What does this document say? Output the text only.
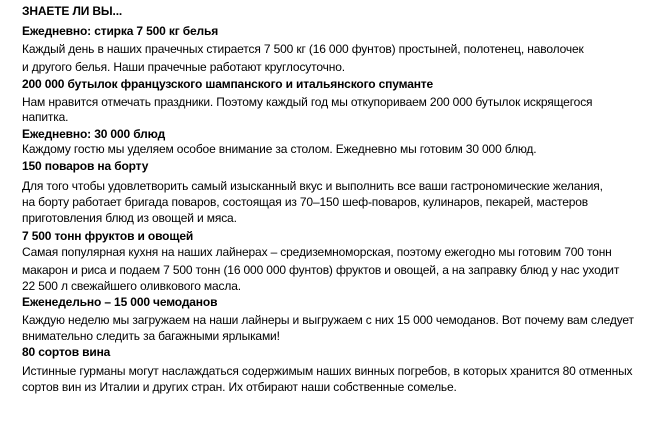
ЗНАЕТЕ ЛИ ВЫ...
Ежедневно: стирка 7 500 кг белья
Каждый день в наших прачечных стирается 7 500 кг (16 000 фунтов) простыней, полотенец, наволочек
и другого белья. Наши прачечные работают круглосуточно.
200 000 бутылок французского шампанского и итальянского спуманте
Нам нравится отмечать праздники. Поэтому каждый год мы откупориваем 200 000 бутылок искрящегося
напитка.
Ежедневно: 30 000 блюд
Каждому гостю мы уделяем особое внимание за столом. Ежедневно мы готовим 30 000 блюд.
150 поваров на борту
Для того чтобы удовлетворить самый изысканный вкус и выполнить все ваши гастрономические желания,
на борту работает бригада поваров, состоящая из 70–150 шеф-поваров, кулинаров, пекарей, мастеров
приготовления блюд из овощей и мяса.
7 500 тонн фруктов и овощей
Самая популярная кухня на наших лайнерах – средиземноморская, поэтому ежегодно мы готовим 700 тонн
макарон и риса и подаем 7 500 тонн (16 000 000 фунтов) фруктов и овощей, а на заправку блюд у нас уходит
22 500 л свежайшего оливкового масла.
Еженедельно – 15 000 чемоданов
Каждую неделю мы загружаем на наши лайнеры и выгружаем с них 15 000 чемоданов. Вот почему вам следует
внимательно следить за багажными ярлыками!
80 сортов вина
Истинные гурманы могут наслаждаться содержимым наших винных погребов, в которых хранится 80 отменных
сортов вин из Италии и других стран. Их отбирают наши собственные сомелье.
